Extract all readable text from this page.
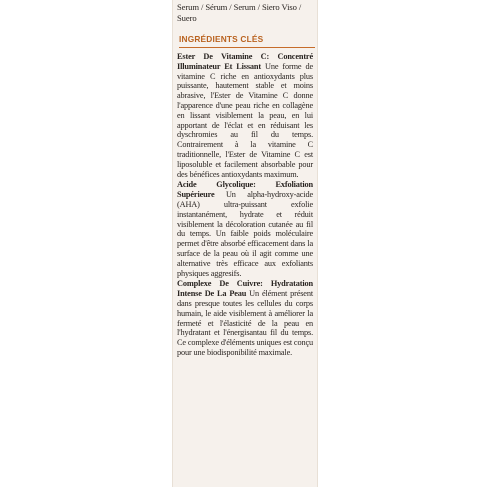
Serum / Sérum / Serum / Siero Viso / Suero
INGRÉDIENTS CLÉS

Ester De Vitamine C: Concentré Illuminateur Et Lissant Une forme de vitamine C riche en antioxydants plus puissante, hautement stable et moins abrasive, l'Ester de Vitamine C donne l'apparence d'une peau riche en collagène en lissant visiblement la peau, en lui apportant de l'éclat et en réduisant les dyschromies au fil du temps. Contrairement à la vitamine C traditionnelle, l'Ester de Vitamine C est liposoluble et facilement absorbable pour des bénéfices antioxydants maximum.

Acide Glycolique: Exfoliation Supérieure Un alpha-hydroxy-acide (AHA) ultra-puissant exfolie instantanément, hydrate et réduit visiblement la décoloration cutanée au fil du temps. Un faible poids moléculaire permet d'être absorbé efficacement dans la surface de la peau où il agit comme une alternative très efficace aux exfoliants physiques aggresifs.

Complexe De Cuivre: Hydratation Intense De La Peau Un élément présent dans presque toutes les cellules du corps humain, le aide visiblement à améliorer la fermeté et l'élasticité de la peau en l'hydratant et l'énergisantau fil du temps. Ce complexe d'éléments uniques est conçu pour une biodisponibilité maximale.
